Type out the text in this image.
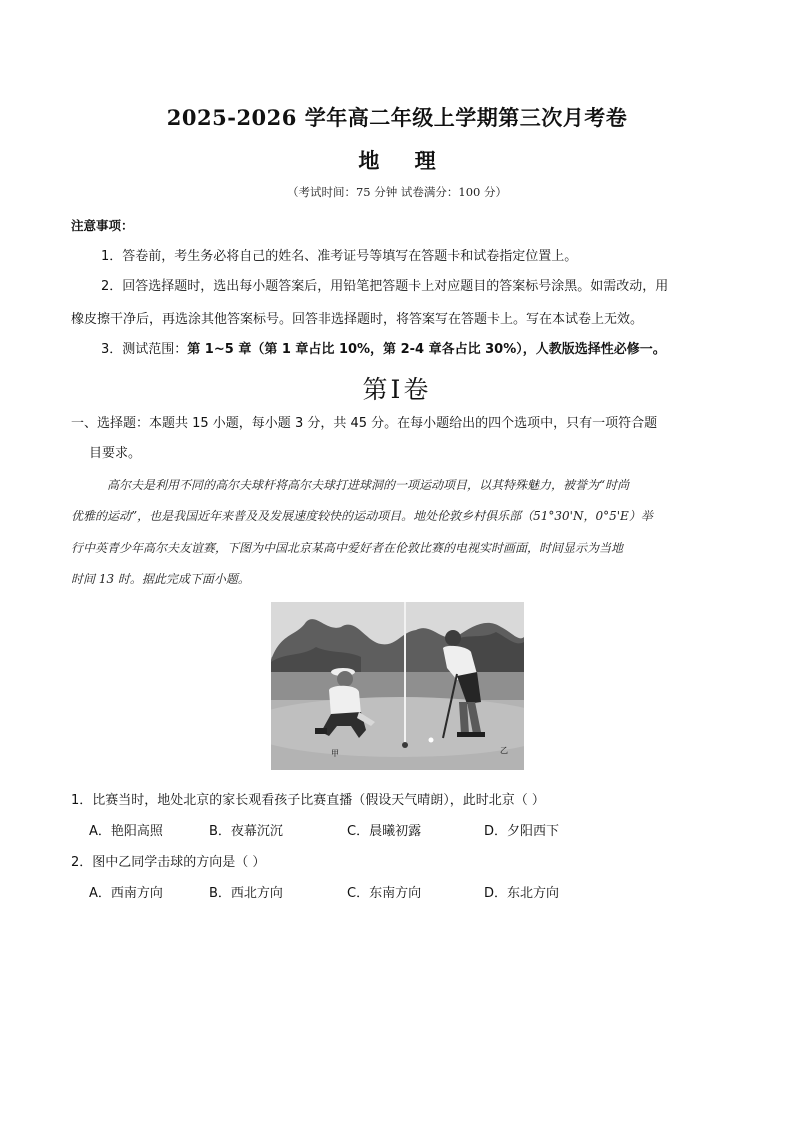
2025-2026 学年高二年级上学期第三次月考卷
地 理
（考试时间：75 分钟 试卷满分：100 分）
注意事项：
1．答卷前，考生务必将自己的姓名、准考证号等填写在答题卡和试卷指定位置上。
2．回答选择题时，选出每小题答案后，用铅笔把答题卡上对应题目的答案标号涂黑。如需改动，用
橡皮擦干净后，再选涂其他答案标号。回答非选择题时，将答案写在答题卡上。写在本试卷上无效。
3．测试范围：第 1~5 章（第 1 章占比 10%，第 2-4 章各占比 30%），人教版选择性必修一。
第Ⅰ卷
一、选择题：本题共 15 小题，每小题 3 分，共 45 分。在每小题给出的四个选项中，只有一项符合题
目要求。
高尔夫是利用不同的高尔夫球杆将高尔夫球打进球洞的一项运动项目，以其特殊魅力，被誉为“时尚
优雅的运动”，也是我国近年来普及及发展速度较快的运动项目。地处伦敦乡村俱乐部（51°30'N，0°5'E）举
行中英青少年高尔夫友谊赛，下图为中国北京某高中爱好者在伦敦比赛的电视实时画面，时间显示为当地
时间 13 时。据此完成下面小题。
甲	乙
1．比赛当时，地处北京的家长观看孩子比赛直播（假设天气晴朗），此时北京（ ）
A．艳阳高照	B．夜幕沉沉	C．晨曦初露	D．夕阳西下
2．图中乙同学击球的方向是（ ）
A．西南方向	B．西北方向	C．东南方向	D．东北方向
